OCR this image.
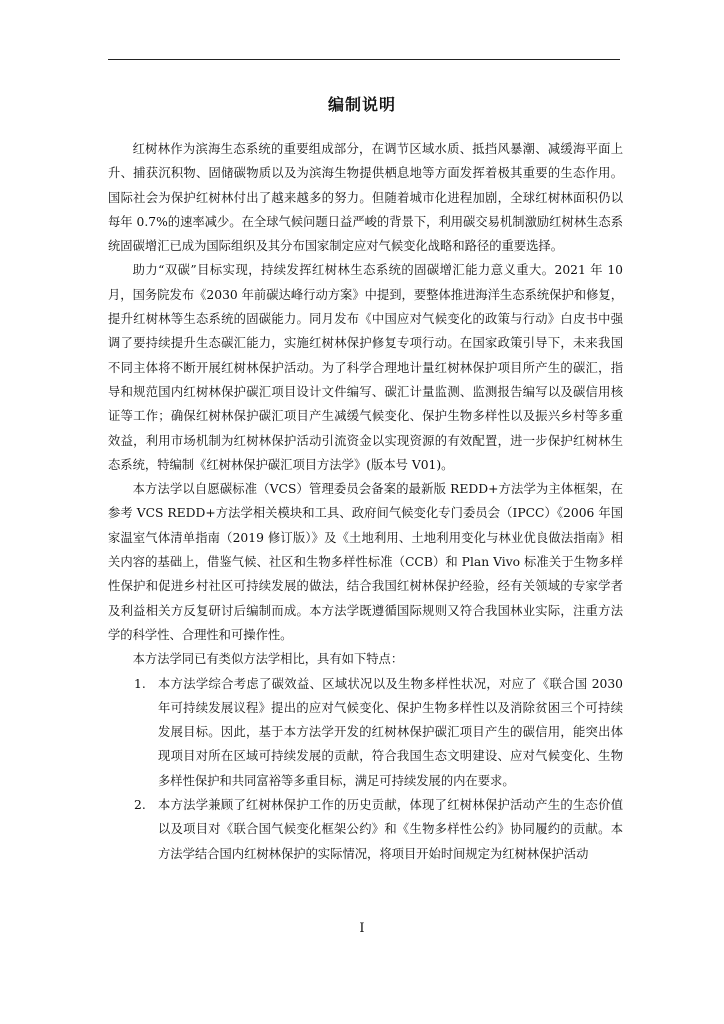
编制说明

红树林作为滨海生态系统的重要组成部分，在调节区域水质、抵挡风暴潮、减缓海平面上升、捕获沉积物、固储碳物质以及为滨海生物提供栖息地等方面发挥着极其重要的生态作用。国际社会为保护红树林付出了越来越多的努力。但随着城市化进程加剧，全球红树林面积仍以每年 0.7%的速率减少。在全球气候问题日益严峻的背景下，利用碳交易机制激励红树林生态系统固碳增汇已成为国际组织及其分布国家制定应对气候变化战略和路径的重要选择。

助力“双碳”目标实现，持续发挥红树林生态系统的固碳增汇能力意义重大。2021 年 10 月，国务院发布《2030 年前碳达峰行动方案》中提到，要整体推进海洋生态系统保护和修复，提升红树林等生态系统的固碳能力。同月发布《中国应对气候变化的政策与行动》白皮书中强调了要持续提升生态碳汇能力，实施红树林保护修复专项行动。在国家政策引导下，未来我国不同主体将不断开展红树林保护活动。为了科学合理地计量红树林保护项目所产生的碳汇，指导和规范国内红树林保护碳汇项目设计文件编写、碳汇计量监测、监测报告编写以及碳信用核证等工作；确保红树林保护碳汇项目产生减缓气候变化、保护生物多样性以及振兴乡村等多重效益，利用市场机制为红树林保护活动引流资金以实现资源的有效配置，进一步保护红树林生态系统，特编制《红树林保护碳汇项目方法学》(版本号 V01)。

本方法学以自愿碳标准（VCS）管理委员会备案的最新版 REDD+方法学为主体框架，在参考 VCS REDD+方法学相关模块和工具、政府间气候变化专门委员会（IPCC）《2006 年国家温室气体清单指南（2019 修订版）》及《土地利用、土地利用变化与林业优良做法指南》相关内容的基础上，借鉴气候、社区和生物多样性标准（CCB）和 Plan Vivo 标准关于生物多样性保护和促进乡村社区可持续发展的做法，结合我国红树林保护经验，经有关领域的专家学者及利益相关方反复研讨后编制而成。本方法学既遵循国际规则又符合我国林业实际，注重方法学的科学性、合理性和可操作性。

本方法学同已有类似方法学相比，具有如下特点：

1. 本方法学综合考虑了碳效益、区域状况以及生物多样性状况，对应了《联合国 2030 年可持续发展议程》提出的应对气候变化、保护生物多样性以及消除贫困三个可持续发展目标。因此，基于本方法学开发的红树林保护碳汇项目产生的碳信用，能突出体现项目对所在区域可持续发展的贡献，符合我国生态文明建设、应对气候变化、生物多样性保护和共同富裕等多重目标，满足可持续发展的内在要求。
2. 本方法学兼顾了红树林保护工作的历史贡献，体现了红树林保护活动产生的生态价值以及项目对《联合国气候变化框架公约》和《生物多样性公约》协同履约的贡献。本方法学结合国内红树林保护的实际情况，将项目开始时间规定为红树林保护活动
I
